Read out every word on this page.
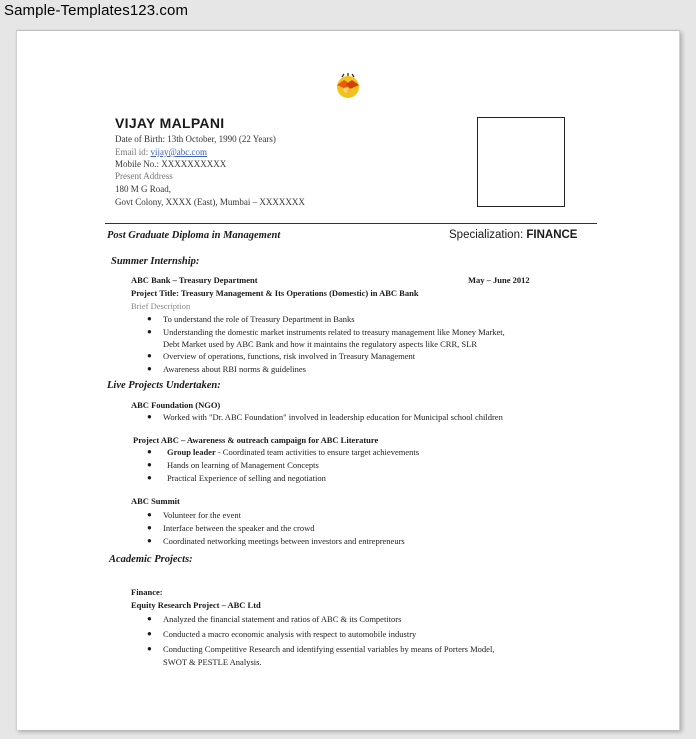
Sample-Templates123.com
VIJAY MALPANI
Date of Birth: 13th October, 1990 (22 Years)
Email id: vijay@abc.com
Mobile No.: XXXXXXXXXX
Present Address
180 M G Road,
Govt Colony, XXXX (East), Mumbai – XXXXXXX
Post Graduate Diploma in Management	Specialization: FINANCE
Summer Internship:
ABC Bank – Treasury Department	May – June 2012
Project Title: Treasury Management & Its Operations (Domestic) in ABC Bank
Brief Description
● To understand the role of Treasury Department in Banks
● Understanding the domestic market instruments related to treasury management like Money Market,
Debt Market used by ABC Bank and how it maintains the regulatory aspects like CRR, SLR
● Overview of operations, functions, risk involved in Treasury Management
● Awareness about RBI norms & guidelines
Live Projects Undertaken:
ABC Foundation (NGO)
● Worked with "Dr. ABC Foundation" involved in leadership education for Municipal school children
Project ABC – Awareness & outreach campaign for ABC Literature
● Group leader - Coordinated team activities to ensure target achievements
● Hands on learning of Management Concepts
● Practical Experience of selling and negotiation
ABC Summit
● Volunteer for the event
● Interface between the speaker and the crowd
● Coordinated networking meetings between investors and entrepreneurs
Academic Projects:
Finance:
Equity Research Project – ABC Ltd
● Analyzed the financial statement and ratios of ABC & its Competitors
● Conducted a macro economic analysis with respect to automobile industry
● Conducting Competitive Research and identifying essential variables by means of Porters Model,
SWOT & PESTLE Analysis.
